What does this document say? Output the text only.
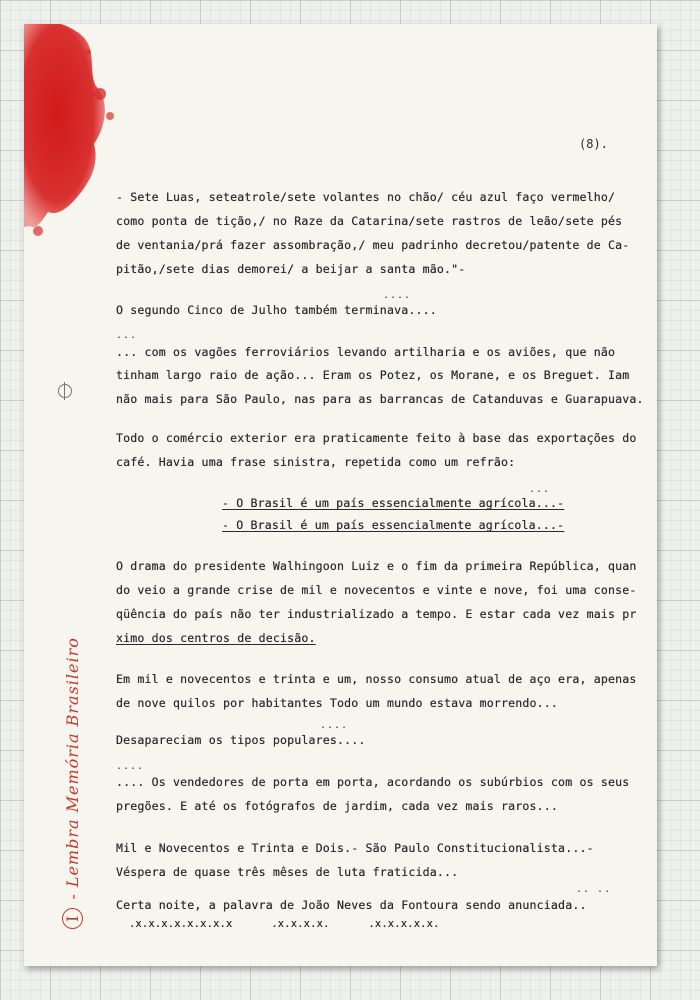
(8).
- Sete Luas, seteatrole/sete volantes no chão/ céu azul faço vermelho/
como ponta de tição,/ no Raze da Catarina/sete rastros de leão/sete pés
de ventania/prá fazer assombração,/ meu padrinho decretou/patente de Ca-
pitão,/sete dias demorei/ a beijar a santa mão."-
....
O segundo Cinco de Julho também terminava....
...
... com os vagões ferroviários levando artilharia e os aviões, que não
tinham largo raio de ação... Eram os Potez, os Morane, e os Breguet. Iam
não mais para São Paulo, nas para as barrancas de Catanduvas e Guarapuava.
Todo o comércio exterior era praticamente feito à base das exportações do
café. Havia uma frase sinistra, repetida como um refrão:
...
- O Brasil é um país essencialmente agrícola...-
- O Brasil é um país essencialmente agrícola...-
O drama do presidente Walhingoon Luiz e o fim da primeira República, quan
do veio a grande crise de mil e novecentos e vinte e nove, foi uma conse-
qüência do país não ter industrializado a tempo. E estar cada vez mais pr
ximo dos centros de decisão.
Em mil e novecentos e trinta e um, nosso consumo atual de aço era, apenas
de nove quilos por habitantes Todo um mundo estava morrendo...
....
Desapareciam os tipos populares....
....
.... Os vendedores de porta em porta, acordando os subúrbios com os seus
pregões. E até os fotógrafos de jardim, cada vez mais raros...
Mil e Novecentos e Trinta e Dois.- São Paulo Constitucionalista...-
Véspera de quase três mêses de luta fraticida...
.. ..
Certa noite, a palavra de João Neves da Fontoura sendo anunciada..
.x.x.x.x.x.x.x.x      .x.x.x.x.      .x.x.x.x.x.
I- Lembra Memória Brasileiro
